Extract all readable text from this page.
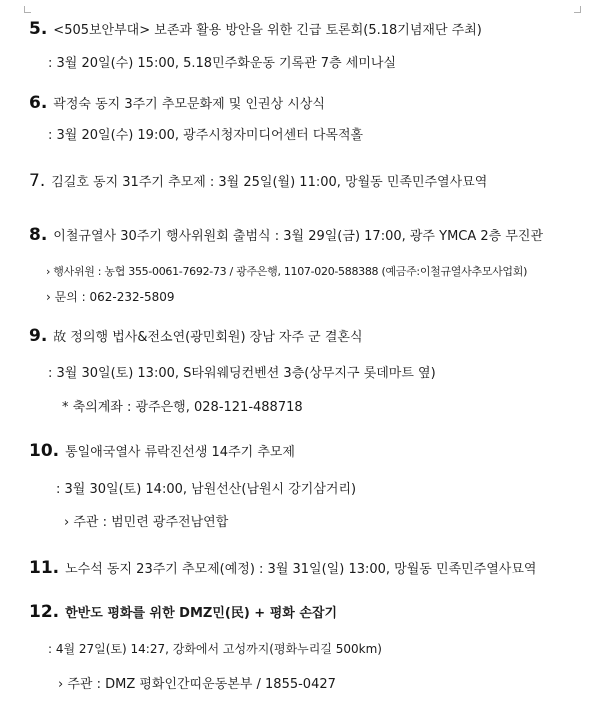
5. <505보안부대> 보존과 활용 방안을 위한 긴급 토론회(5.18기념재단 주최)
: 3월 20일(수) 15:00, 5.18민주화운동 기록관 7층 세미나실
6. 곽정숙 동지 3주기 추모문화제 및 인권상 시상식
: 3월 20일(수) 19:00, 광주시청자미디어센터 다목적홀
7. 김길호 동지 31주기 추모제 : 3월 25일(월) 11:00, 망월동 민족민주열사묘역
8. 이철규열사 30주기 행사위원회 출범식 : 3월 29일(금) 17:00, 광주 YMCA 2층 무진관
› 행사위원 : 농협 355-0061-7692-73 / 광주은행, 1107-020-588388 (예금주:이철규열사추모사업회)
› 문의 : 062-232-5809
9. 故 정의행 법사&전소연(광민회원) 장남 자주 군 결혼식
: 3월 30일(토) 13:00, S타워웨딩컨벤션 3층(상무지구 롯데마트 옆)
* 축의계좌 : 광주은행, 028-121-488718
10. 통일애국열사 류락진선생 14주기 추모제
: 3월 30일(토) 14:00, 남원선산(남원시 강기삼거리)
› 주관 : 범민련 광주전남연합
11. 노수석 동지 23주기 추모제(예정) : 3월 31일(일) 13:00, 망월동 민족민주열사묘역
12. 한반도 평화를 위한 DMZ민(民) + 평화 손잡기
: 4월 27일(토) 14:27, 강화에서 고성까지(평화누리길 500km)
› 주관 : DMZ 평화인간띠운동본부 / 1855-0427
